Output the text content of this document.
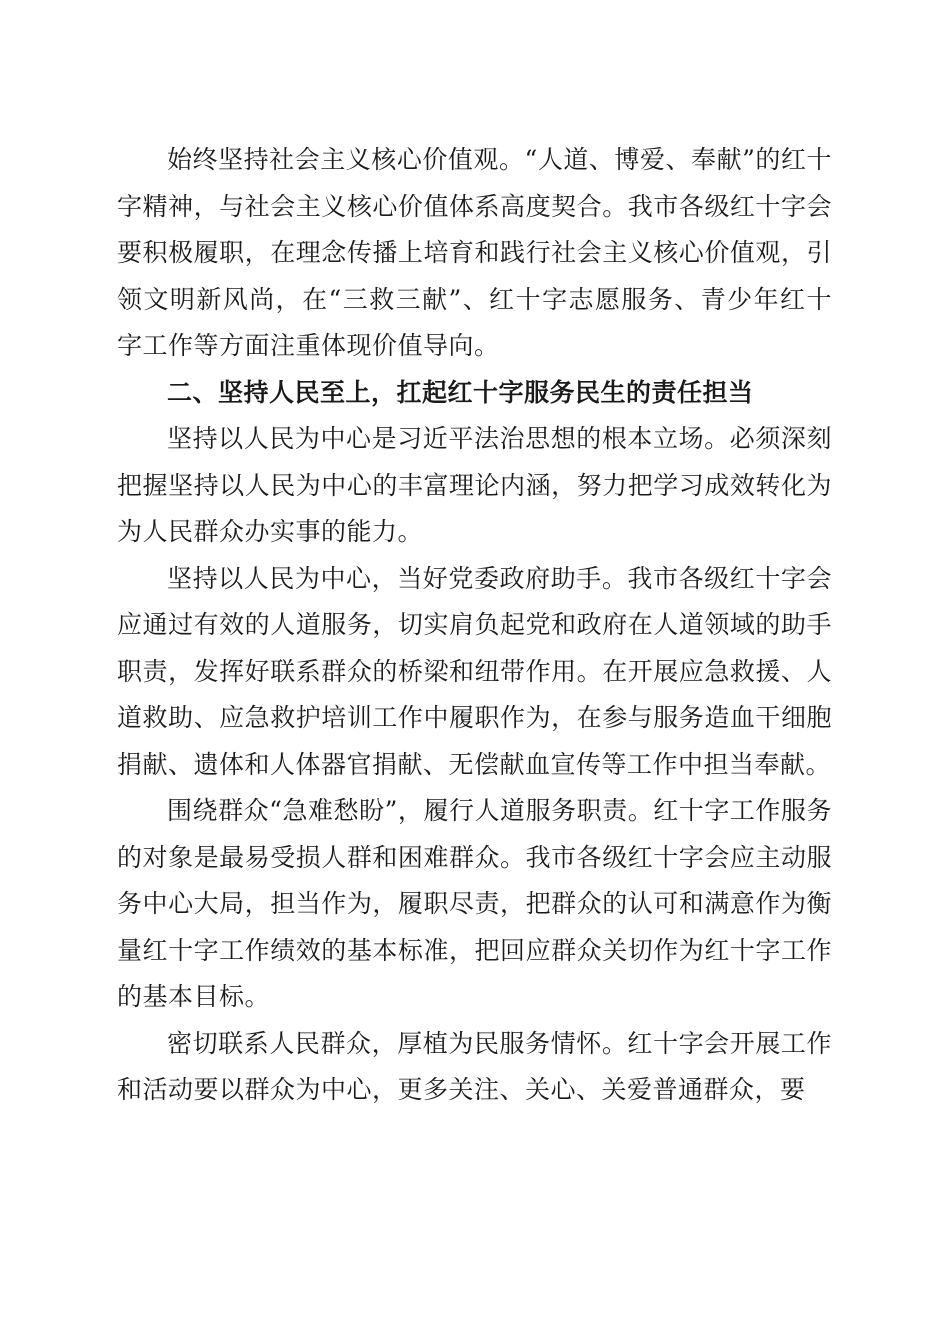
始终坚持社会主义核心价值观。“人道、博爱、奉献”的红十字精神，与社会主义核心价值体系高度契合。我市各级红十字会要积极履职，在理念传播上培育和践行社会主义核心价值观，引领文明新风尚，在“三救三献”、红十字志愿服务、青少年红十字工作等方面注重体现价值导向。

二、坚持人民至上，扛起红十字服务民生的责任担当

坚持以人民为中心是习近平法治思想的根本立场。必须深刻把握坚持以人民为中心的丰富理论内涵，努力把学习成效转化为为人民群众办实事的能力。

坚持以人民为中心，当好党委政府助手。我市各级红十字会应通过有效的人道服务，切实肩负起党和政府在人道领域的助手职责，发挥好联系群众的桥梁和纽带作用。在开展应急救援、人道救助、应急救护培训工作中履职作为，在参与服务造血干细胞捐献、遗体和人体器官捐献、无偿献血宣传等工作中担当奉献。

围绕群众“急难愁盼”，履行人道服务职责。红十字工作服务的对象是最易受损人群和困难群众。我市各级红十字会应主动服务中心大局，担当作为，履职尽责，把群众的认可和满意作为衡量红十字工作绩效的基本标准，把回应群众关切作为红十字工作的基本目标。

密切联系人民群众，厚植为民服务情怀。红十字会开展工作和活动要以群众为中心，更多关注、关心、关爱普通群众，要
